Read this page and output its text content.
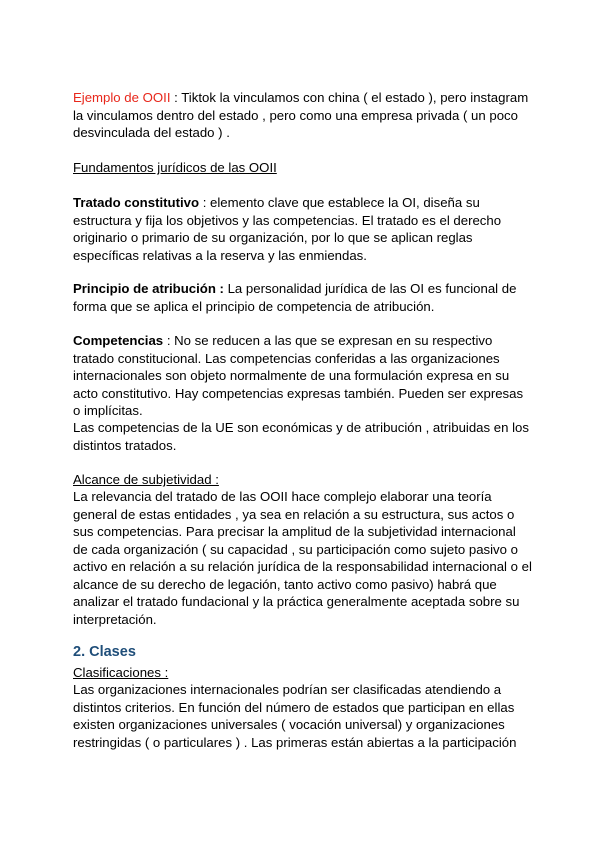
Ejemplo de OOII : Tiktok la vinculamos con china ( el estado ), pero instagram la vinculamos dentro del estado , pero como una empresa privada ( un poco desvinculada del estado ) .

Fundamentos jurídicos de las OOII

Tratado constitutivo : elemento clave que establece la OI, diseña su estructura y fija los objetivos y las competencias. El tratado es el derecho originario o primario de su organización, por lo que se aplican reglas específicas relativas a la reserva y las enmiendas.

Principio de atribución : La personalidad jurídica de las OI es funcional de forma que se aplica el principio de competencia de atribución.

Competencias : No se reducen a las que se expresan en su respectivo tratado constitucional. Las competencias conferidas a las organizaciones internacionales son objeto normalmente de una formulación expresa en su acto constitutivo. Hay competencias expresas también. Pueden ser expresas o implícitas.

Las competencias de la UE son económicas y de atribución , atribuidas en los distintos tratados.

Alcance de subjetividad :

La relevancia del tratado de las OOII hace complejo elaborar una teoría general de estas entidades , ya sea en relación a su estructura, sus actos o sus competencias. Para precisar la amplitud de la subjetividad internacional de cada organización ( su capacidad , su participación como sujeto pasivo o activo en relación a su relación jurídica de la responsabilidad internacional o el alcance de su derecho de legación, tanto activo como pasivo) habrá que analizar el tratado fundacional y la práctica generalmente aceptada sobre su interpretación.

2. Clases

Clasificaciones :

Las organizaciones internacionales podrían ser clasificadas atendiendo a distintos criterios. En función del número de estados que participan en ellas existen organizaciones universales ( vocación universal) y organizaciones restringidas ( o particulares ) . Las primeras están abiertas a la participación
